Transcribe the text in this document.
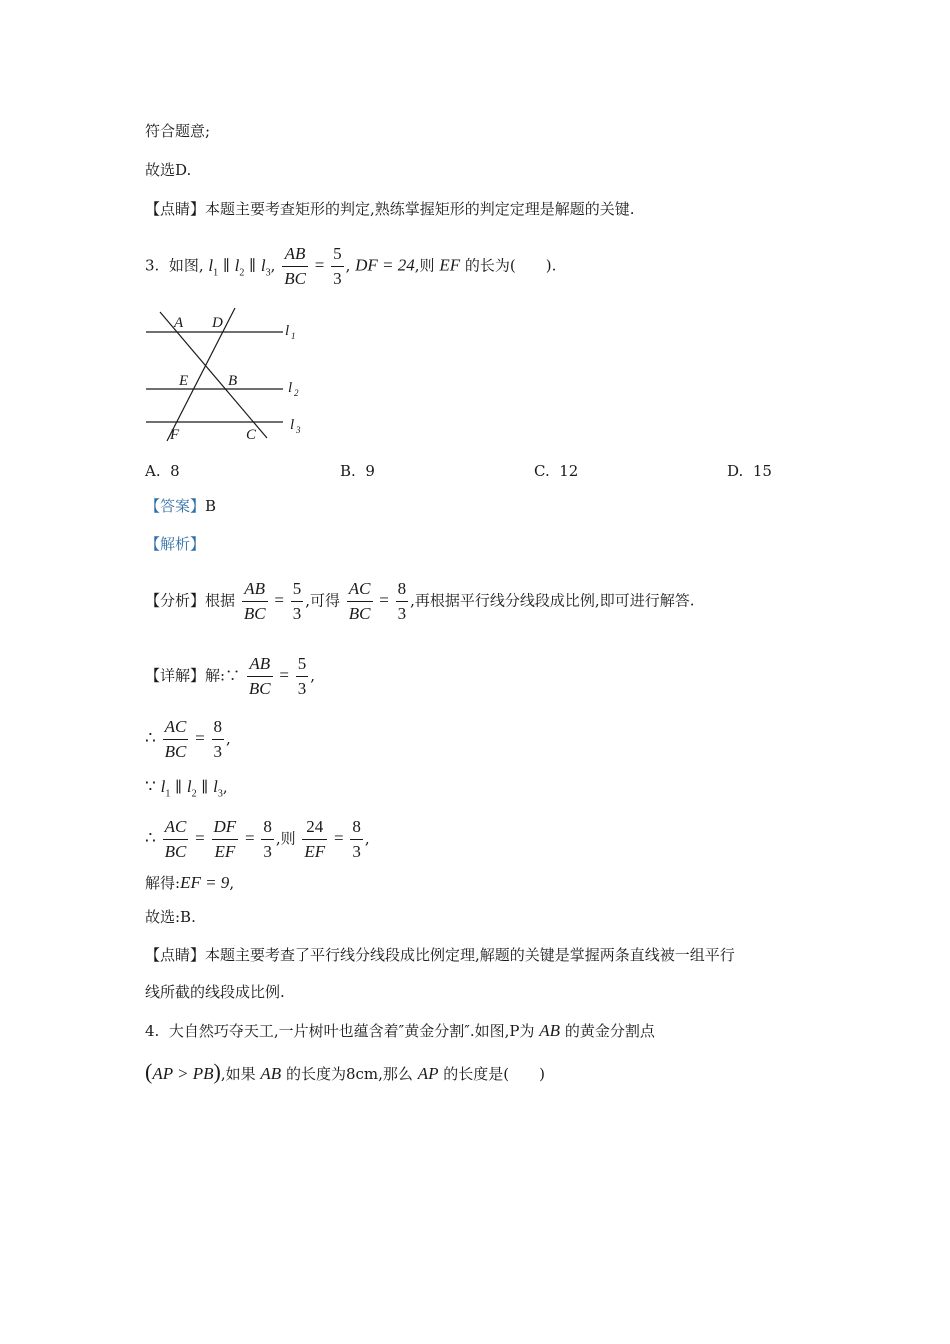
符合题意;
故选D.
【点睛】本题主要考查矩形的判定,熟练掌握矩形的判定定理是解题的关键.
3. 如图, $l_1$ ∥ $l_2$ ∥ $l_3$, $\frac{AB}{BC} = \frac{5}{3}$ , DF = 24,则 EF 的长为(　　).
A D
E	B
F	C
l 1
l 2
l 3
A. 8	B. 9	C. 12	D. 15
【答案】B
【解析】
【分析】根据 $\frac{AB}{BC} = \frac{5}{3}$ ,可得 $\frac{AC}{BC} = \frac{8}{3}$ ,再根据平行线分线段成比例,即可进行解答.
【详解】解:∵ $\frac{AB}{BC} = \frac{5}{3}$ ,
∴ $\frac{AC}{BC} = \frac{8}{3}$ ,
∵ $l_1$ ∥ $l_2$ ∥ $l_3$,
∴ $\frac{AC}{BC} = \frac{DF}{EF} = \frac{8}{3}$ ,则 $\frac{24}{EF} = \frac{8}{3}$ ,
解得:EF = 9,
故选:B.
【点睛】本题主要考查了平行线分线段成比例定理,解题的关键是掌握两条直线被一组平行
线所截的线段成比例.
4. 大自然巧夺天工,一片树叶也蕴含着″黄金分割″.如图,P为 AB 的黄金分割点
(AP > PB),如果 AB 的长度为8cm,那么 AP 的长度是(　　)
